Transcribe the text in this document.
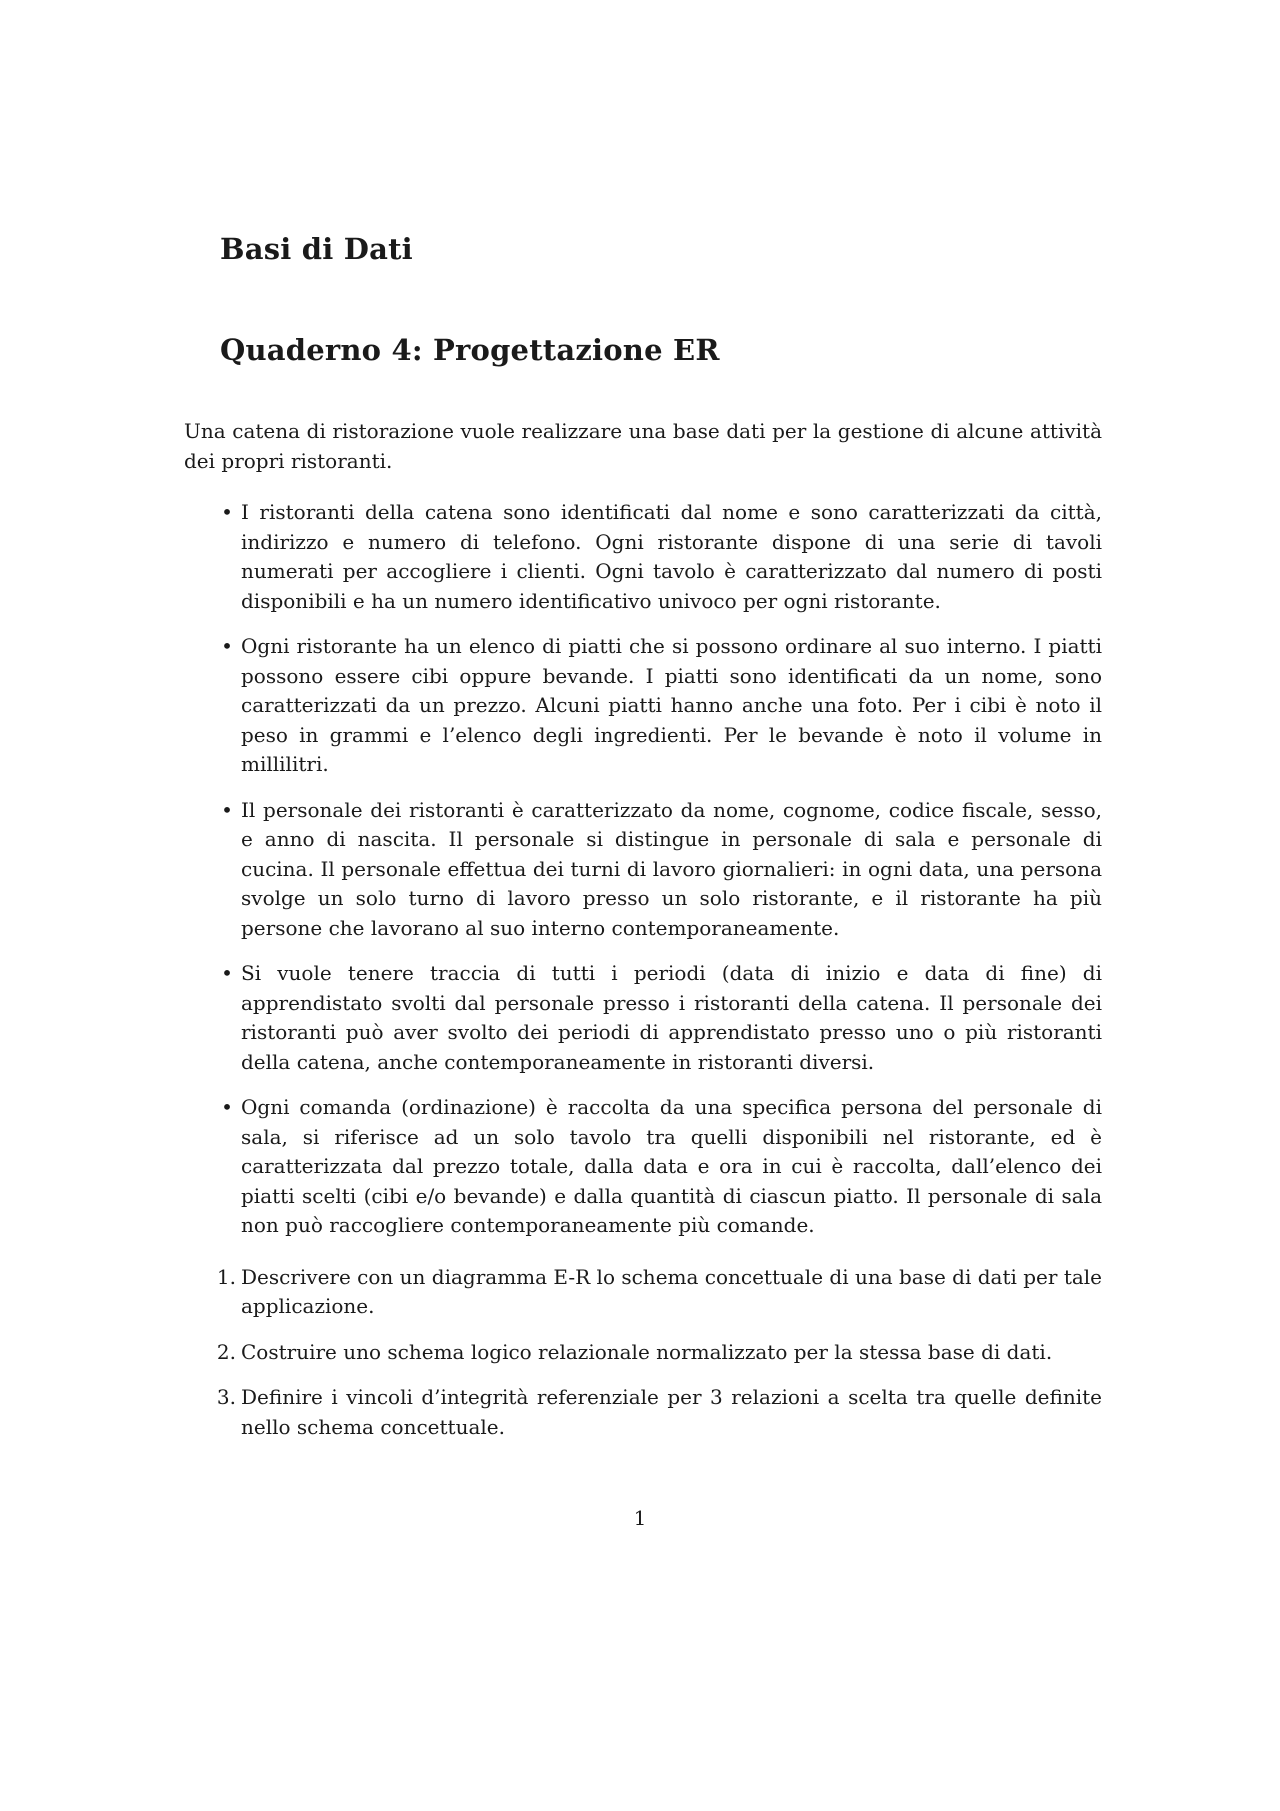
Basi di Dati
Quaderno 4: Progettazione ER

Una catena di ristorazione vuole realizzare una base dati per la gestione di alcune attività dei propri ristoranti.

• I ristoranti della catena sono identificati dal nome e sono caratterizzati da città, indirizzo e numero di telefono. Ogni ristorante dispone di una serie di tavoli numerati per accogliere i clienti. Ogni tavolo è caratterizzato dal numero di posti disponibili e ha un numero identificativo univoco per ogni ristorante.
• Ogni ristorante ha un elenco di piatti che si possono ordinare al suo interno. I piatti possono essere cibi oppure bevande. I piatti sono identificati da un nome, sono caratterizzati da un prezzo. Alcuni piatti hanno anche una foto. Per i cibi è noto il peso in grammi e l’elenco degli ingredienti. Per le bevande è noto il volume in millilitri.
• Il personale dei ristoranti è caratterizzato da nome, cognome, codice fiscale, sesso, e anno di nascita. Il personale si distingue in personale di sala e personale di cucina. Il personale effettua dei turni di lavoro giornalieri: in ogni data, una persona svolge un solo turno di lavoro presso un solo ristorante, e il ristorante ha più persone che lavorano al suo interno contemporaneamente.
• Si vuole tenere traccia di tutti i periodi (data di inizio e data di fine) di apprendistato svolti dal personale presso i ristoranti della catena. Il personale dei ristoranti può aver svolto dei periodi di apprendistato presso uno o più ristoranti della catena, anche contemporaneamente in ristoranti diversi.
• Ogni comanda (ordinazione) è raccolta da una specifica persona del personale di sala, si riferisce ad un solo tavolo tra quelli disponibili nel ristorante, ed è caratterizzata dal prezzo totale, dalla data e ora in cui è raccolta, dall’elenco dei piatti scelti (cibi e/o bevande) e dalla quantità di ciascun piatto. Il personale di sala non può raccogliere contemporaneamente più comande.
1. Descrivere con un diagramma E-R lo schema concettuale di una base di dati per tale applicazione.
2. Costruire uno schema logico relazionale normalizzato per la stessa base di dati.
3. Definire i vincoli d’integrità referenziale per 3 relazioni a scelta tra quelle definite nello schema concettuale.
1
